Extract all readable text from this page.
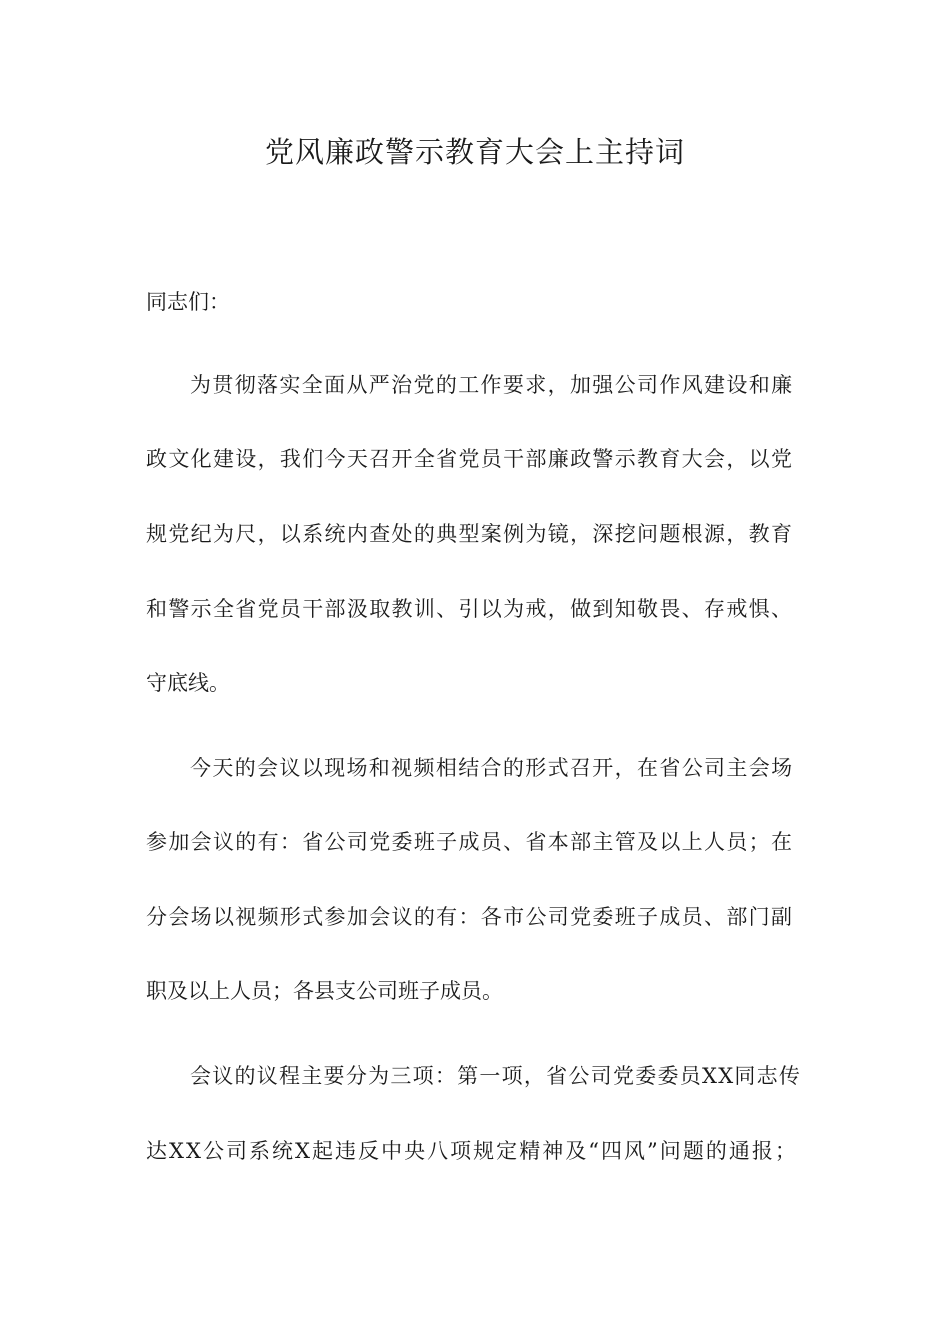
党风廉政警示教育大会上主持词
同志们：
为贯彻落实全面从严治党的工作要求，加强公司作风建设和廉
政文化建设，我们今天召开全省党员干部廉政警示教育大会，以党
规党纪为尺，以系统内查处的典型案例为镜，深挖问题根源，教育
和警示全省党员干部汲取教训、引以为戒，做到知敬畏、存戒惧、
守底线。
今天的会议以现场和视频相结合的形式召开，在省公司主会场
参加会议的有：省公司党委班子成员、省本部主管及以上人员；在
分会场以视频形式参加会议的有：各市公司党委班子成员、部门副
职及以上人员；各县支公司班子成员。
会议的议程主要分为三项：第一项，省公司党委委员XX同志传
达XX公司系统X起违反中央八项规定精神及“四风”问题的通报；
